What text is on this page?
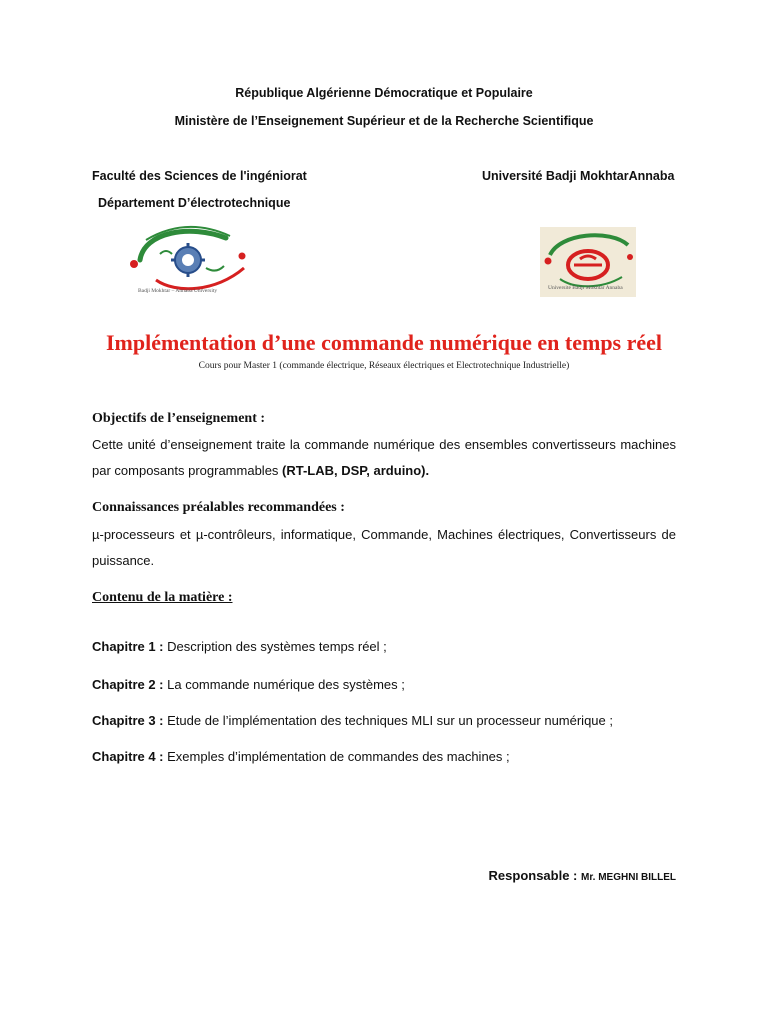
République Algérienne Démocratique et Populaire
Ministère de l’Enseignement Supérieur et de la Recherche Scientifique
Faculté des Sciences de l'ingéniorat	Université Badji MokhtarAnnaba
Département D’électrotechnique
Badji Mokhtar – Annaba University	Université Badji Mokhtar Annaba
Implémentation d’une commande numérique en temps réel
Cours pour Master 1 (commande électrique, Réseaux électriques et Electrotechnique Industrielle)
Objectifs de l’enseignement :
Cette unité d’enseignement traite la commande numérique des ensembles convertisseurs machines par composants programmables (RT-LAB, DSP, arduino).
Connaissances préalables recommandées :
µ-processeurs et µ-contrôleurs, informatique, Commande, Machines électriques, Convertisseurs de puissance.
Contenu de la matière :
Chapitre 1 : Description des systèmes temps réel ;
Chapitre 2 : La commande numérique des systèmes ;
Chapitre 3 : Etude de l’implémentation des techniques MLI sur un processeur numérique ;
Chapitre 4 : Exemples d’implémentation de commandes des machines ;
Responsable : Mr. MEGHNI BILLEL
